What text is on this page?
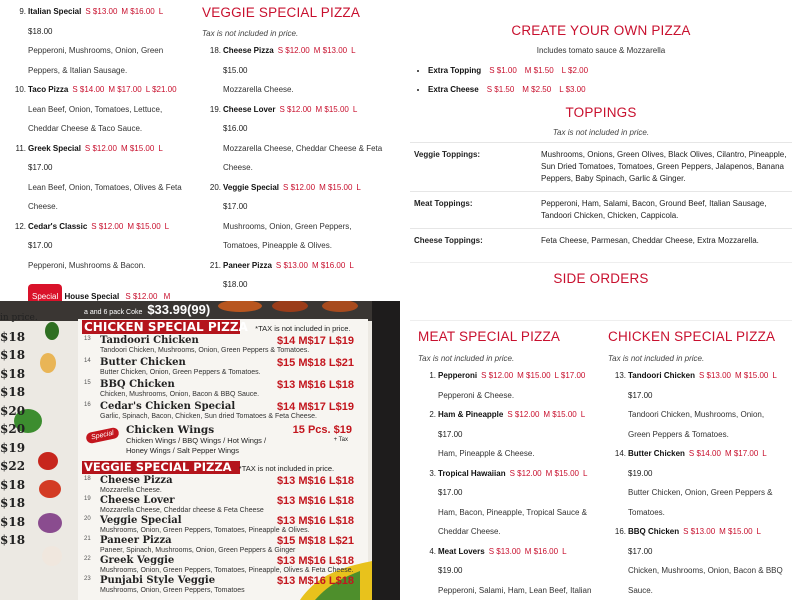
9. Italian Special S $13.00 M $16.00 L
$18.00
Pepperoni, Mushrooms, Onion, Green
Peppers, & Italian Sausage.
10. Taco Pizza S $14.00 M $17.00 L $21.00
Lean Beef, Onion, Tomatoes, Lettuce,
Cheddar Cheese & Taco Sauce.
11. Greek Special S $12.00 M $15.00 L
$17.00
Lean Beef, Onion, Tomatoes, Olives & Feta
Cheese.
12. Cedar's Classic S $12.00 M $15.00 L
$17.00
Pepperoni, Mushrooms & Bacon.
Special House Special S $12.00 M
VEGGIE SPECIAL PIZZA
Tax is not included in price.
18. Cheese Pizza S $12.00 M $13.00 L
$15.00
Mozzarella Cheese.
19. Cheese Lover S $12.00 M $15.00 L
$16.00
Mozzarella Cheese, Cheddar Cheese & Feta
Cheese.
20. Veggie Special S $12.00 M $15.00 L
$17.00
Mushrooms, Onion, Green Peppers,
Tomatoes, Pineapple & Olives.
21. Paneer Pizza S $13.00 M $16.00 L
$18.00
CREATE YOUR OWN PIZZA
Includes tomato sauce & Mozzarella
• Extra Topping S $1.00 M $1.50 L $2.00
• Extra Cheese S $1.50 M $2.50 L $3.00
TOPPINGS
Tax is not included in price.
Veggie Toppings:	Mushrooms, Onions, Green Olives, Black Olives, Cilantro, Pineapple, Sun Dried Tomatoes, Tomatoes, Green Peppers, Jalapenos, Banana Peppers, Baby Spinach, Garlic & Ginger.
Meat Toppings:	Pepperoni, Ham, Salami, Bacon, Ground Beef, Italian Sausage, Tandoori Chicken, Chicken, Cappicola.
Cheese Toppings:	Feta Cheese, Parmesan, Cheddar Cheese, Extra Mozzarella.
SIDE ORDERS
MEAT SPECIAL PIZZA
Tax is not included in price.
1. Pepperoni S $12.00 M $15.00 L $17.00
Pepperoni & Cheese.
2. Ham & Pineapple S $12.00 M $15.00 L
$17.00
Ham, Pineapple & Cheese.
3. Tropical Hawaiian S $12.00 M $15.00 L
$17.00
Ham, Bacon, Pineapple, Tropical Sauce &
Cheddar Cheese.
4. Meat Lovers S $13.00 M $16.00 L
$19.00
Pepperoni, Salami, Ham, Lean Beef, Italian
CHICKEN SPECIAL PIZZA
Tax is not included in price.
13. Tandoori Chicken S $13.00 M $15.00 L
$17.00
Tandoori Chicken, Mushrooms, Onion,
Green Peppers & Tomatoes.
14. Butter Chicken S $14.00 M $17.00 L
$19.00
Butter Chicken, Onion, Green Peppers &
Tomatoes.
16. BBQ Chicken S $13.00 M $15.00 L
$17.00
Chicken, Mushrooms, Onion, Bacon & BBQ
Sauce.
in price.
$18
$18
$18
$18
$20
$20
$19
$22
$18
$18
$18
$18
a and 6 pack Coke $33.99(99)
CHICKEN SPECIAL PIZZA *TAX is not included in price.
13 Tandoori Chicken	$14 M$17 L$19
Tandoori Chicken, Mushrooms, Onion, Green Peppers & Tomatoes.
14 Butter Chicken	$15 M$18 L$21
Butter Chicken, Onion, Green Peppers & Tomatoes.
15 BBQ Chicken	$13 M$16 L$18
Chicken, Mushrooms, Onion, Bacon & BBQ Sauce.
16 Cedar's Chicken Special	$14 M$17 L$19
Garlic, Spinach, Bacon, Chicken, Sun dried Tomatoes & Feta Cheese.
Special	Chicken Wings	15 Pcs. $19
+ Tax
Chicken Wings / BBQ Wings / Hot Wings /
Honey Wings / Salt Pepper Wings
VEGGIE SPECIAL PIZZA *TAX is not included in price.
18 Cheese Pizza	$13 M$16 L$18
Mozzarella Cheese.
19 Cheese Lover	$13 M$16 L$18
Mozzarella Cheese, Cheddar cheese & Feta Cheese
20 Veggie Special	$13 M$16 L$18
Mushrooms, Onion, Green Peppers, Tomatoes, Pineapple & Olives.
21 Paneer Pizza	$15 M$18 L$21
Paneer, Spinach, Mushrooms, Onion, Green Peppers & Ginger
22 Greek Veggie	$13 M$16 L$18
Mushrooms, Onion, Green Peppers, Tomatoes, Pineapple, Olives & Feta Cheese.
23 Punjabi Style Veggie	$13 M$16 L$18
Mushrooms, Onion, Green Peppers, Tomatoes
